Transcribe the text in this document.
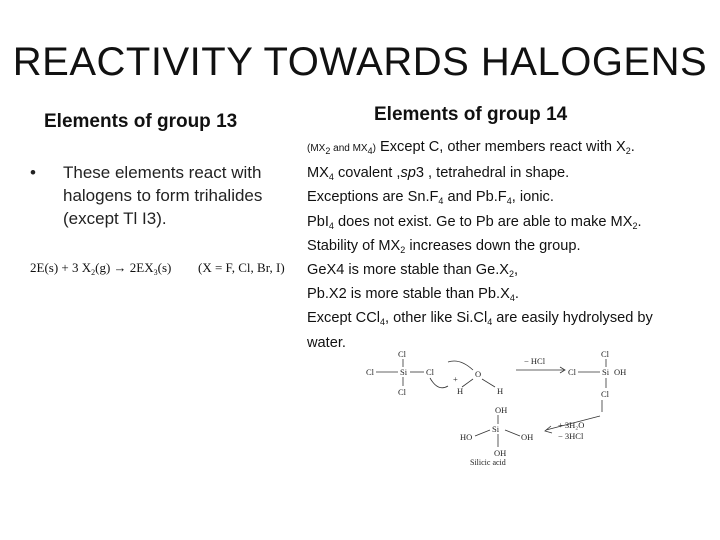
REACTIVITY TOWARDS HALOGENS
Elements of group 13	Elements of group 14
• These elements react with halogens to form trihalides (except Tl I3).
2E(s) + 3 $X_2(g) \to 2EX_3(s) (X = F$, Cl, Br, I)
($MX_2$ and $MX_4$) Except C, other members react with $X_2$.
$MX_4$ covalent ,sp3 , tetrahedral in shape.
Exceptions are $Sn.F_4$ and $Pb.F_4$, ionic.
PbI$_4$ does not exist. Ge to Pb are able to make $MX_2$.
Stability of $MX_2$ increases down the group.
GeX4 is more stable than $Ge.X_2$,
Pb.X2 is more stable than $Pb.X_4$.
Except CCl$_4$, other like $Si.Cl_4$ are easily hydrolysed by
water.
Cl
Cl	Si
Cl
Cl
+ O
H	H
− HCl
Cl
Cl	Si OH
Cl
+ 3H₂O
− 3HCl
OH
Si
HO	OH
OH
Silicic acid
